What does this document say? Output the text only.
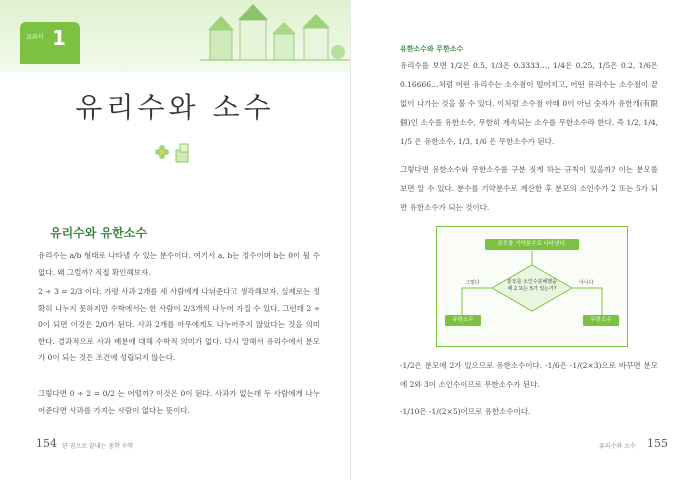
교과서 1
유리수와 소수
유리수와 유한소수
유리수는 a/b 형태로 나타낼 수 있는 분수이다. 여기서 a, b는 정수이며 b는 0이 될 수 없다. 왜 그럴까? 직접 확인해보자.
2 ÷ 3 = 2/3 이다. 가령 사과 2개를 세 사람에게 나눠준다고 생각해보자. 실제로는 정확히 나누지 못하지만 수학에서는 한 사람이 2/3개씩 나누어 가질 수 있다. 그런데 2 ÷ 0이 되면 이것은 2/0가 된다. 사과 2개를 아무에게도 나누어주지 않았다는 것을 의미한다. 결과적으로 사과 배분에 대해 수학적 의미가 없다. 다시 말해서 유리수에서 분모가 0이 되는 것은 조건에 성립되지 않는다.
그렇다면 0 ÷ 2 = 0/2 는 어떨까? 이것은 0이 된다. 사과가 없는데 두 사람에게 나누어준다면 사과를 가지는 사람이 없다는 뜻이다.
154 한 권으로 끝내는 중학 수학
유한소수와 무한소수
유리수를 보면 1/2은 0.5, 1/3은 0.3333…, 1/4은 0.25, 1/5은 0.2, 1/6은 0.16666…처럼 어떤 유리수는 소수점이 떨어지고, 어떤 유리수는 소수점이 끝없이 나가는 것을 볼 수 있다. 이처럼 소수점 아래 0이 아닌 숫자가 유한개(有限個)인 소수를 유한소수, 무한히 계속되는 소수를 무한소수라 한다. 즉 1/2, 1/4, 1/5 은 유한소수, 1/3, 1/6 은 무한소수가 된다.
그렇다면 유한소수와 무한소수를 구분 짓게 하는 규칙이 있을까? 이는 분모를 보면 알 수 있다. 분수를 기약분수로 계산한 후 분모의 소인수가 2 또는 5가 되면 유한소수가 되는 것이다.
분모를 기약분수로 나타낸다.
분모를 소인수분해했을 때 2 또는 5가 있는가?
그렇다	아니다
유한소수	무한소수
-1/2은 분모에 2가 있으므로 유한소수이다. -1/6은 -1/(2×3)으로 바꾸면 분모에 2와 3이 소인수이므로 무한소수가 된다.
-1/10은 -1/(2×5)이므로 유한소수이다.
유리수와 소수 155
